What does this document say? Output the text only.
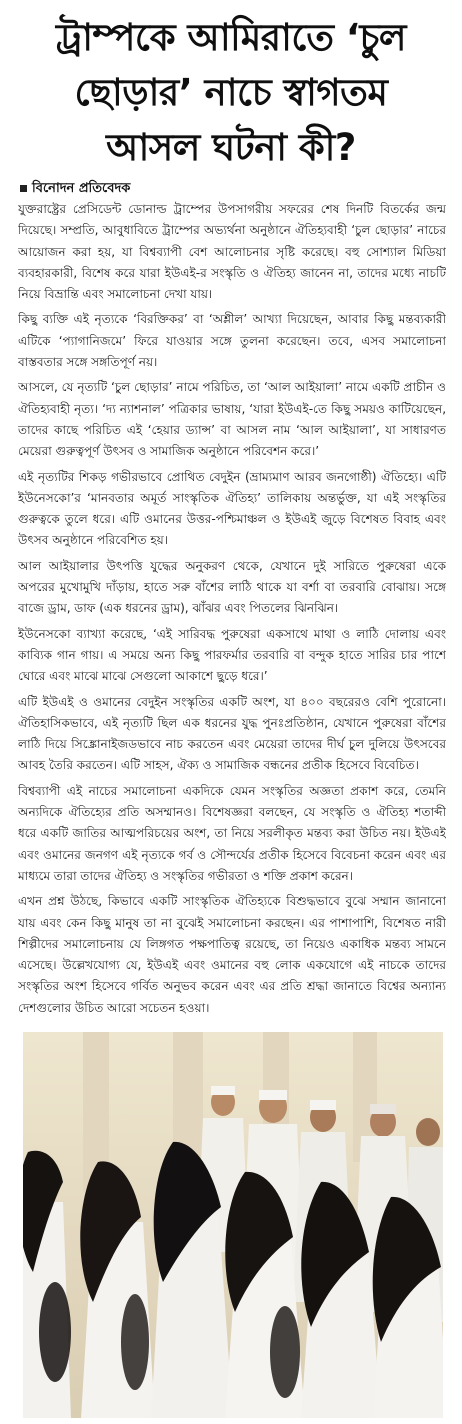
ট্রাম্পকে আমিরাতে ‘চুল
ছোড়ার’ নাচে স্বাগতম
আসল ঘটনা কী?
বিনোদন প্রতিবেদক

যুক্তরাষ্ট্রের প্রেসিডেন্ট ডোনাল্ড ট্রাম্পের উপসাগরীয় সফরের শেষ দিনটি বিতর্কের জন্ম দিয়েছে। সম্প্রতি, আবুধাবিতে ট্রাম্পের অভ্যর্থনা অনুষ্ঠানে ঐতিহ্যবাহী ‘চুল ছোড়ার’ নাচের আয়োজন করা হয়, যা বিশ্বব্যাপী বেশ আলোচনার সৃষ্টি করেছে। বহু সোশ্যাল মিডিয়া ব্যবহারকারী, বিশেষ করে যারা ইউএই-র সংস্কৃতি ও ঐতিহ্য জানেন না, তাদের মধ্যে নাচটি নিয়ে বিভ্রান্তি এবং সমালোচনা দেখা যায়।

কিছু ব্যক্তি এই নৃত্যকে ‘বিরক্তিকর’ বা ‘অশ্লীল’ আখ্যা দিয়েছেন, আবার কিছু মন্তব্যকারী এটিকে ‘প্যাগানিজমে’ ফিরে যাওয়ার সঙ্গে তুলনা করেছেন। তবে, এসব সমালোচনা বাস্তবতার সঙ্গে সঙ্গতিপূর্ণ নয়।

আসলে, যে নৃত্যটি ‘চুল ছোড়ার’ নামে পরিচিত, তা ‘আল আইয়ালা’ নামে একটি প্রাচীন ও ঐতিহ্যবাহী নৃত্য। ‘দ্য ন্যাশনাল’ পত্রিকার ভাষায়, ‘যারা ইউএই-তে কিছু সময়ও কাটিয়েছেন, তাদের কাছে পরিচিত এই ‘হেয়ার ড্যান্স’ বা আসল নাম ‘আল আইয়ালা’, যা সাধারণত মেয়েরা গুরুত্বপূর্ণ উৎসব ও সামাজিক অনুষ্ঠানে পরিবেশন করে।’

এই নৃত্যটির শিকড় গভীরভাবে প্রোথিত বেদুইন (ভ্রাম্যমাণ আরব জনগোষ্ঠী) ঐতিহ্যে। এটি ইউনেসকো’র ‘মানবতার অমূর্ত সাংস্কৃতিক ঐতিহ্য’ তালিকায় অন্তর্ভুক্ত, যা এই সংস্কৃতির গুরুত্বকে তুলে ধরে। এটি ওমানের উত্তর-পশ্চিমাঞ্চল ও ইউএই জুড়ে বিশেষত বিবাহ এবং উৎসব অনুষ্ঠানে পরিবেশিত হয়।

আল আইয়ালার উৎপত্তি যুদ্ধের অনুকরণ থেকে, যেখানে দুই সারিতে পুরুষেরা একে অপরের মুখোমুখি দাঁড়ায়, হাতে সরু বাঁশের লাঠি থাকে যা বর্শা বা তরবারি বোঝায়। সঙ্গে বাজে ড্রাম, ডাফ (এক ধরনের ড্রাম), ঝাঁঝর এবং পিতলের ঝিনঝিন।

ইউনেসকো ব্যাখ্যা করেছে, ‘এই সারিবদ্ধ পুরুষেরা একসাথে মাথা ও লাঠি দোলায় এবং কাব্যিক গান গায়। এ সময়ে অন্য কিছু পারফর্মার তরবারি বা বন্দুক হাতে সারির চার পাশে ঘোরে এবং মাঝে মাঝে সেগুলো আকাশে ছুড়ে ধরে।’

এটি ইউএই ও ওমানের বেদুইন সংস্কৃতির একটি অংশ, যা ৪০০ বছরেরও বেশি পুরোনো। ঐতিহাসিকভাবে, এই নৃত্যটি ছিল এক ধরনের যুদ্ধ পুনঃপ্রতিষ্ঠান, যেখানে পুরুষেরা বাঁশের লাঠি দিয়ে সিঙ্ক্রোনাইজডভাবে নাচ করতেন এবং মেয়েরা তাদের দীর্ঘ চুল দুলিয়ে উৎসবের আবহ তৈরি করতেন। এটি সাহস, ঐক্য ও সামাজিক বন্ধনের প্রতীক হিসেবে বিবেচিত।

বিশ্বব্যাপী এই নাচের সমালোচনা একদিকে যেমন সংস্কৃতির অজ্ঞতা প্রকাশ করে, তেমনি অন্যদিকে ঐতিহ্যের প্রতি অসম্মানও। বিশেষজ্ঞরা বলছেন, যে সংস্কৃতি ও ঐতিহ্য শতাব্দী ধরে একটি জাতির আত্মপরিচয়ের অংশ, তা নিয়ে সরলীকৃত মন্তব্য করা উচিত নয়। ইউএই এবং ওমানের জনগণ এই নৃত্যকে গর্ব ও সৌন্দর্যের প্রতীক হিসেবে বিবেচনা করেন এবং এর মাধ্যমে তারা তাদের ঐতিহ্য ও সংস্কৃতির গভীরতা ও শক্তি প্রকাশ করেন।

এখন প্রশ্ন উঠছে, কিভাবে একটি সাংস্কৃতিক ঐতিহ্যকে বিশুদ্ধভাবে বুঝে সম্মান জানানো যায় এবং কেন কিছু মানুষ তা না বুঝেই সমালোচনা করছেন। এর পাশাপাশি, বিশেষত নারী শিল্পীদের সমালোচনায় যে লিঙ্গগত পক্ষপাতিত্ব রয়েছে, তা নিয়েও একাধিক মন্তব্য সামনে এসেছে। উল্লেখযোগ্য যে, ইউএই এবং ওমানের বহু লোক একযোগে এই নাচকে তাদের সংস্কৃতির অংশ হিসেবে গর্বিত অনুভব করেন এবং এর প্রতি শ্রদ্ধা জানাতে বিশ্বের অন্যান্য দেশগুলোর উচিত আরো সচেতন হওয়া।
